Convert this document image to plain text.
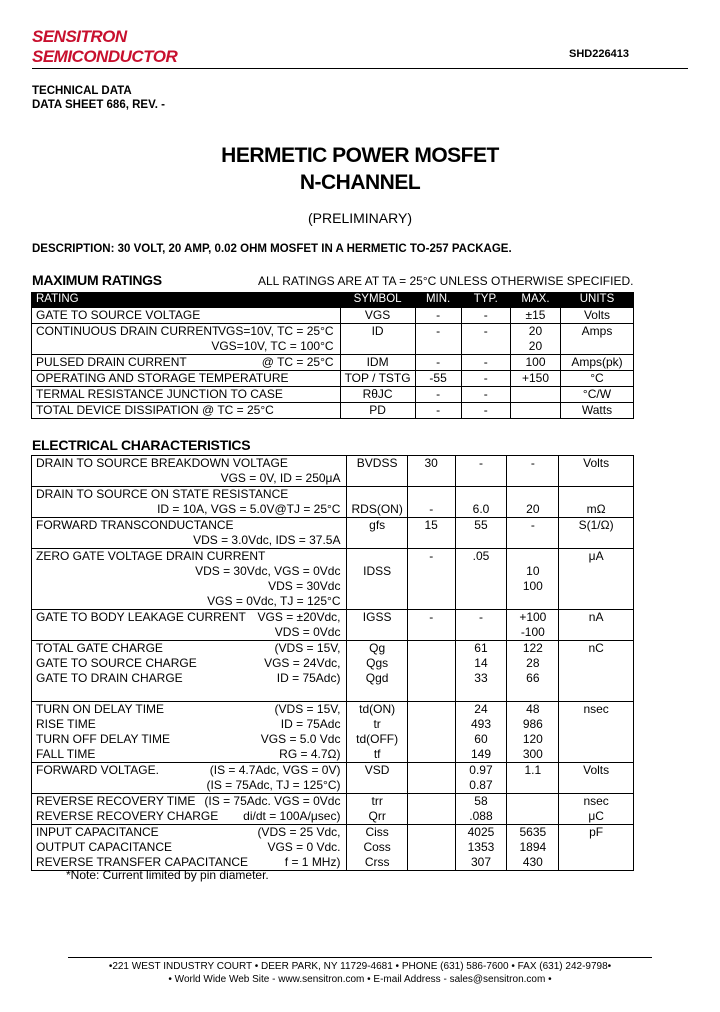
SENSITRON
SEMICONDUCTOR	SHD226413
TECHNICAL DATA
DATA SHEET 686, REV. -
HERMETIC POWER MOSFET
N-CHANNEL
(PRELIMINARY)
DESCRIPTION: 30 VOLT, 20 AMP, 0.02 OHM MOSFET IN A HERMETIC TO-257 PACKAGE.
MAXIMUM RATINGS	ALL RATINGS ARE AT TA = 25°C UNLESS OTHERWISE SPECIFIED.
RATING	SYMBOL	MIN.	TYP.	MAX.	UNITS
GATE TO SOURCE VOLTAGE	VGS	-	-	±15	Volts
CONTINUOUS DRAIN CURRENT
VGS=10V, TC = 25°C	ID	-	-	20	Amps

VGS=10V, TC = 100°C				20	
PULSED DRAIN CURRENT @ TC = 25°C	IDM	-	-	100	Amps(pk)
OPERATING AND STORAGE TEMPERATURE	TOP / TSTG	-55	-	+150	°C
TERMAL RESISTANCE JUNCTION TO CASE	RθJC	-	-		°C/W
TOTAL DEVICE DISSIPATION @ TC = 25°C	PD	-	-		Watts
ELECTRICAL CHARACTERISTICS
DRAIN TO SOURCE BREAKDOWN VOLTAGE	BVDSS	30	-	-	Volts

VGS = 0V, ID = 250μA					

DRAIN TO SOURCE ON STATE RESISTANCE

ID = 10A, VGS = 5.0V@TJ = 25°C	RDS(ON)	-	6.0	20	mΩ
FORWARD TRANSCONDUCTANCE	gfs	15	55	-	S(1/Ω)

VDS = 3.0Vdc, IDS = 37.5A					

ZERO GATE VOLTAGE DRAIN CURRENT		-	.05		μA

VDS = 30Vdc, VGS = 0Vdc	IDSS			10	

VDS = 30Vdc				100	

VGS = 0Vdc, TJ = 125°C					

GATE TO BODY LEAKAGE CURRENT VGS = ±20Vdc,	IGSS	-	-	+100	nA

VDS = 0Vdc				-100	
TOTAL GATE CHARGE (VDS = 15V,	Qg		61	122	nC
GATE TO SOURCE CHARGE VGS = 24Vdc,	Qgs		14	28	
GATE TO DRAIN CHARGE ID = 75Adc)	Qgd		33	66	

TURN ON DELAY TIME (VDS = 15V,	td(ON)		24	48	nsec
RISE TIME ID = 75Adc	tr		493	986	
TURN OFF DELAY TIME VGS = 5.0 Vdc	td(OFF)		60	120	
FALL TIME RG = 4.7Ω)	tf		149	300	
FORWARD VOLTAGE. (IS = 4.7Adc, VGS = 0V)	VSD		0.97	1.1	Volts

(IS = 75Adc, TJ = 125°C)			0.87		
REVERSE RECOVERY TIME (IS = 75Adc. VGS = 0Vdc	trr		58		nsec
REVERSE RECOVERY CHARGE di/dt = 100A/μsec)	Qrr		.088		μC
INPUT CAPACITANCE (VDS = 25 Vdc,	Ciss		4025	5635	pF
OUTPUT CAPACITANCE VGS = 0 Vdc.	Coss		1353	1894	
REVERSE TRANSFER CAPACITANCE f = 1 MHz)	Crss		307	430	
*Note: Current limited by pin diameter.
•221 WEST INDUSTRY COURT • DEER PARK, NY 11729-4681 • PHONE (631) 586-7600 • FAX (631) 242-9798•
• World Wide Web Site - www.sensitron.com • E-mail Address - sales@sensitron.com •
